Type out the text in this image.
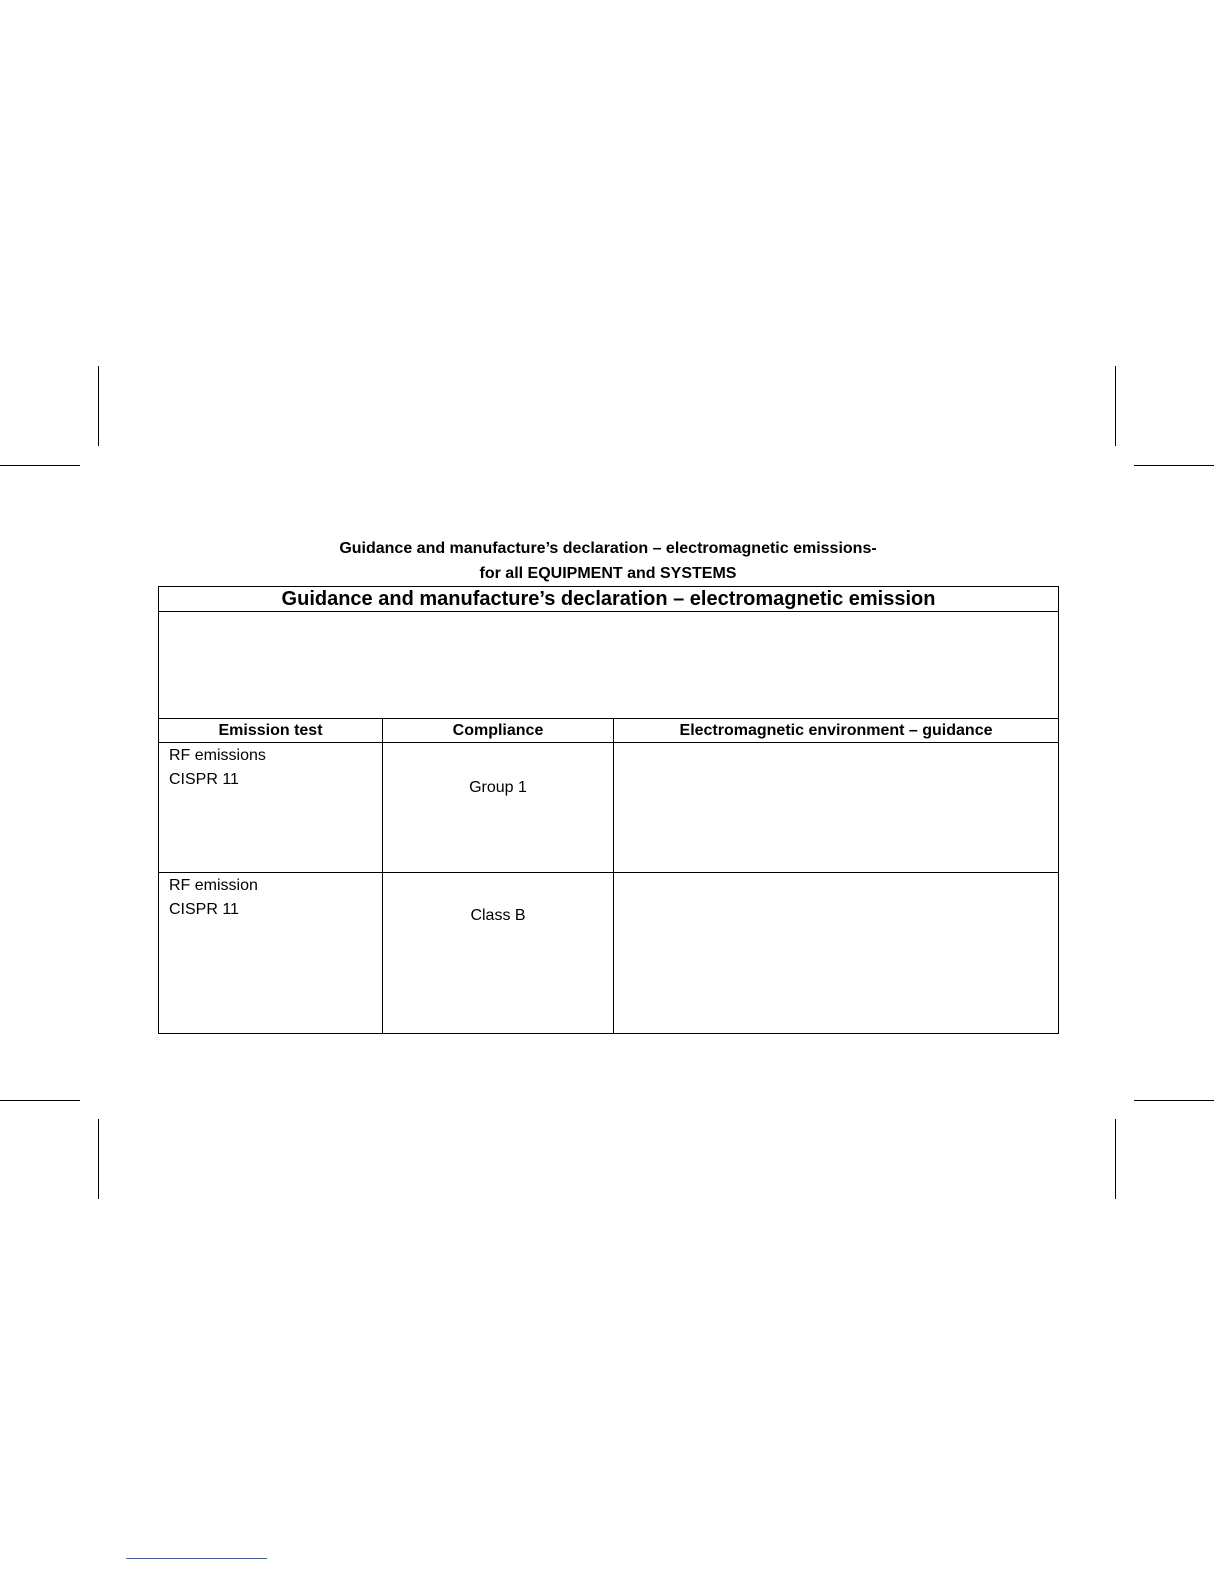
Guidance and manufacture’s declaration – electromagnetic emissions-
for all EQUIPMENT and SYSTEMS
Guidance and manufacture’s declaration – electromagnetic emission		

Emission test	Compliance	Electromagnetic environment – guidance

RF emissions
CISPR 11	Group 1	

RF emission
CISPR 11	Class B	
